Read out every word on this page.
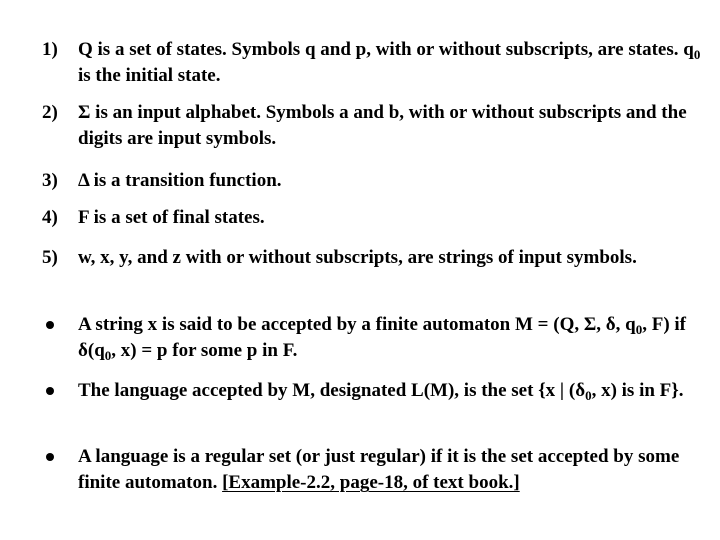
1) Q is a set of states. Symbols q and p, with or without subscripts, are states. $q_0$ is the initial state.
2) Σ is an input alphabet. Symbols a and b, with or without subscripts and the digits are input symbols.
3) Δ is a transition function.
4) F is a set of final states.
5) w, x, y, and z with or without subscripts, are strings of input symbols.
A string x is said to be accepted by a finite automaton M = (Q, Σ, δ, $q_0$, F) if $\delta(q_0$, x) = p for some p in F.
The language accepted by M, designated L(M), is the set {x | ($\delta_0$, x) is in F}.
A language is a regular set (or just regular) if it is the set accepted by some finite automaton. [Example-2.2, page-18, of text book.]
